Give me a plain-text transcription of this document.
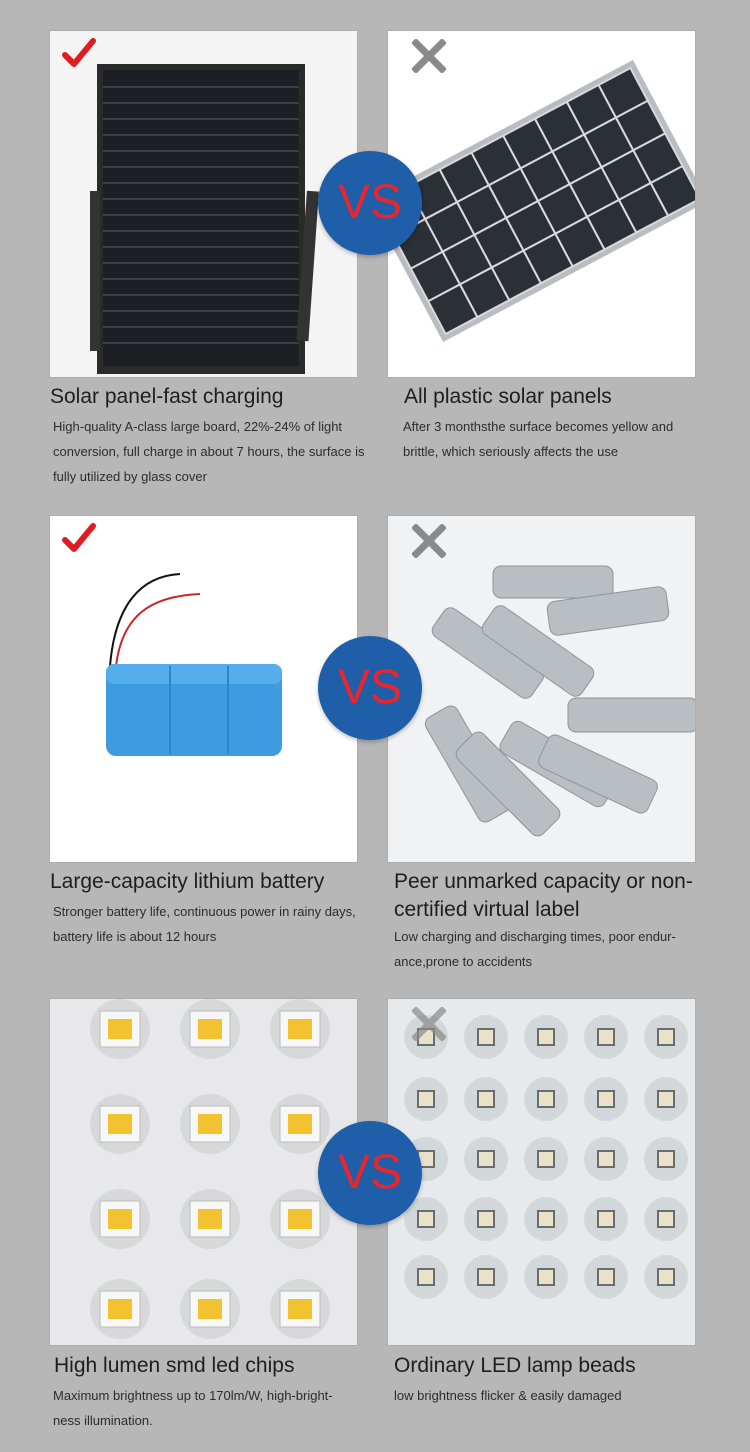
VS
Solar panel-fast charging
High-quality A-class large board, 22%-24% of light conversion, full charge in about 7 hours, the surface is fully utilized by glass cover
All plastic solar panels
After 3 monthsthe surface becomes yellow and brittle, which seriously affects the use
VS
Large-capacity lithium battery
Stronger battery life, continuous power in rainy days, battery life is about 12 hours
Peer unmarked capacity or non- certified virtual label
Low charging and discharging times, poor endur-ance,prone to accidents
VS
High lumen smd led chips
Maximum brightness up to 170lm/W, high-bright-ness illumination.
Ordinary LED lamp beads
low brightness flicker & easily damaged
